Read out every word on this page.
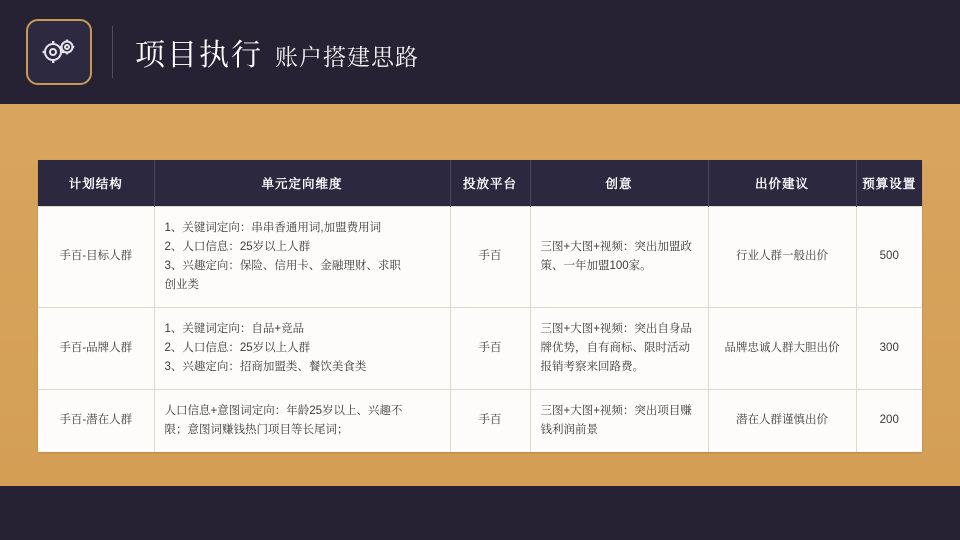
项目执行 账户搭建思路
计划结构	单元定向维度	投放平台	创意	出价建议	预算设置
手百-目标人群	1、关键词定向：串串香通用词,加盟费用词
2、人口信息：25岁以上人群
3、兴趣定向：保险、信用卡、金融理财、求职
创业类	手百	三图+大图+视频：突出加盟政策、一年加盟100家。	行业人群一般出价	500
手百-品牌人群	1、关键词定向：自品+竞品
2、人口信息：25岁以上人群
3、兴趣定向：招商加盟类、餐饮美食类	手百	三图+大图+视频：突出自身品牌优势，自有商标、限时活动报销考察来回路费。	品牌忠诚人群大胆出价	300
手百-潜在人群	人口信息+意图词定向：年龄25岁以上、兴趣不
限；意图词赚钱热门项目等长尾词；	手百	三图+大图+视频：突出项目赚钱利润前景	潜在人群谨慎出价	200
